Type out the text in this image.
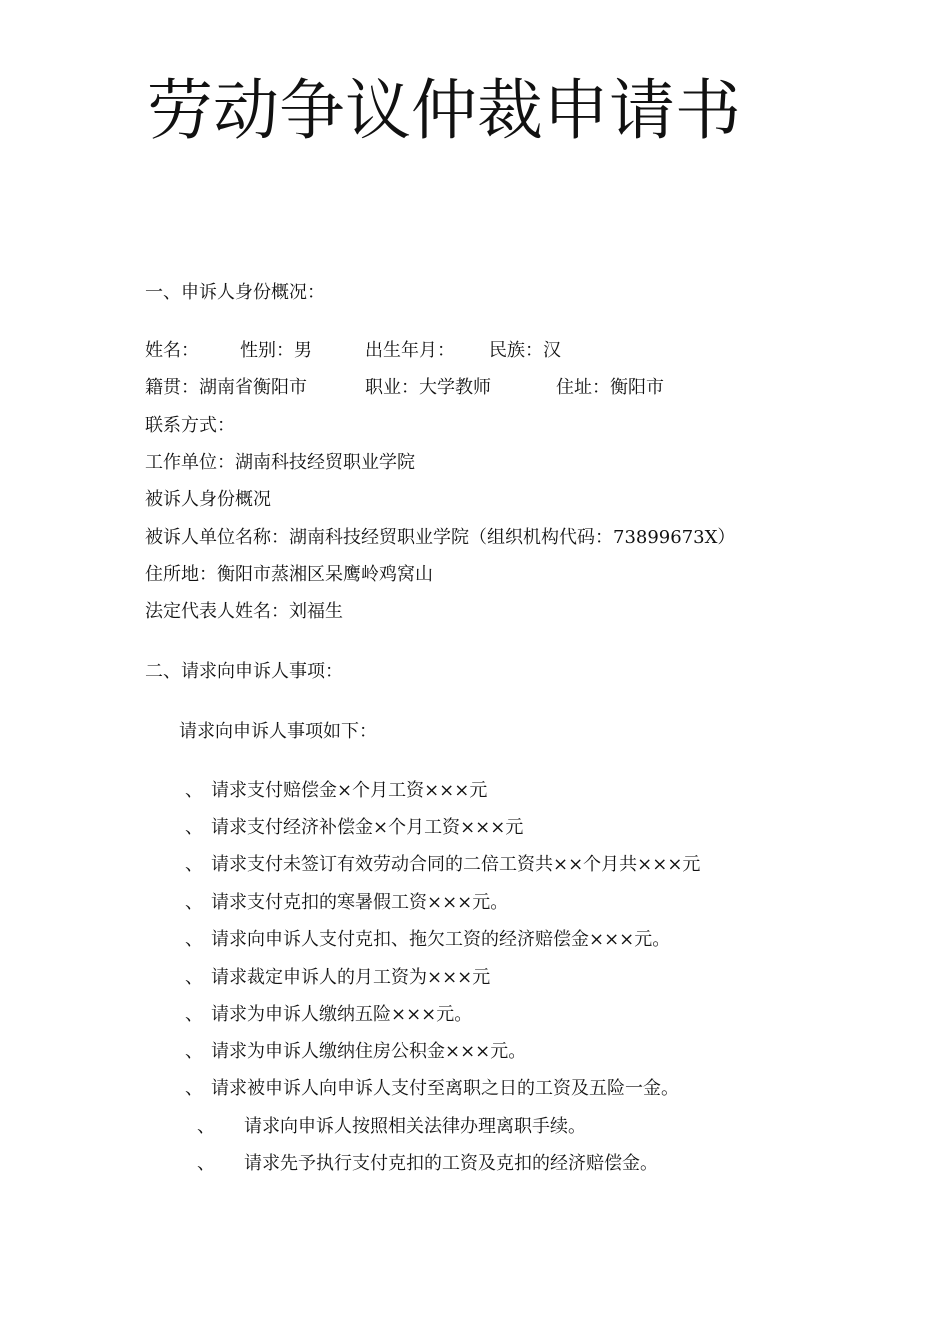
劳动争议仲裁申请书
一、申诉人身份概况：
姓名： 性别：男	出生年月： 民族：汉
籍贯：湖南省衡阳市	职业：大学教师	住址：衡阳市
联系方式：
工作单位：湖南科技经贸职业学院
被诉人身份概况
被诉人单位名称：湖南科技经贸职业学院（组织机构代码：73899673X）
住所地：衡阳市蒸湘区呆鹰岭鸡窝山
法定代表人姓名：刘福生
二、请求向申诉人事项：
请求向申诉人事项如下：
、 请求支付赔偿金×个月工资×××元
、 请求支付经济补偿金×个月工资×××元
、 请求支付未签订有效劳动合同的二倍工资共××个月共×××元
、 请求支付克扣的寒暑假工资×××元。
、 请求向申诉人支付克扣、拖欠工资的经济赔偿金×××元。
、 请求裁定申诉人的月工资为×××元
、 请求为申诉人缴纳五险×××元。
、 请求为申诉人缴纳住房公积金×××元。
、 请求被申诉人向申诉人支付至离职之日的工资及五险一金。
、 请求向申诉人按照相关法律办理离职手续。
、 请求先予执行支付克扣的工资及克扣的经济赔偿金。
